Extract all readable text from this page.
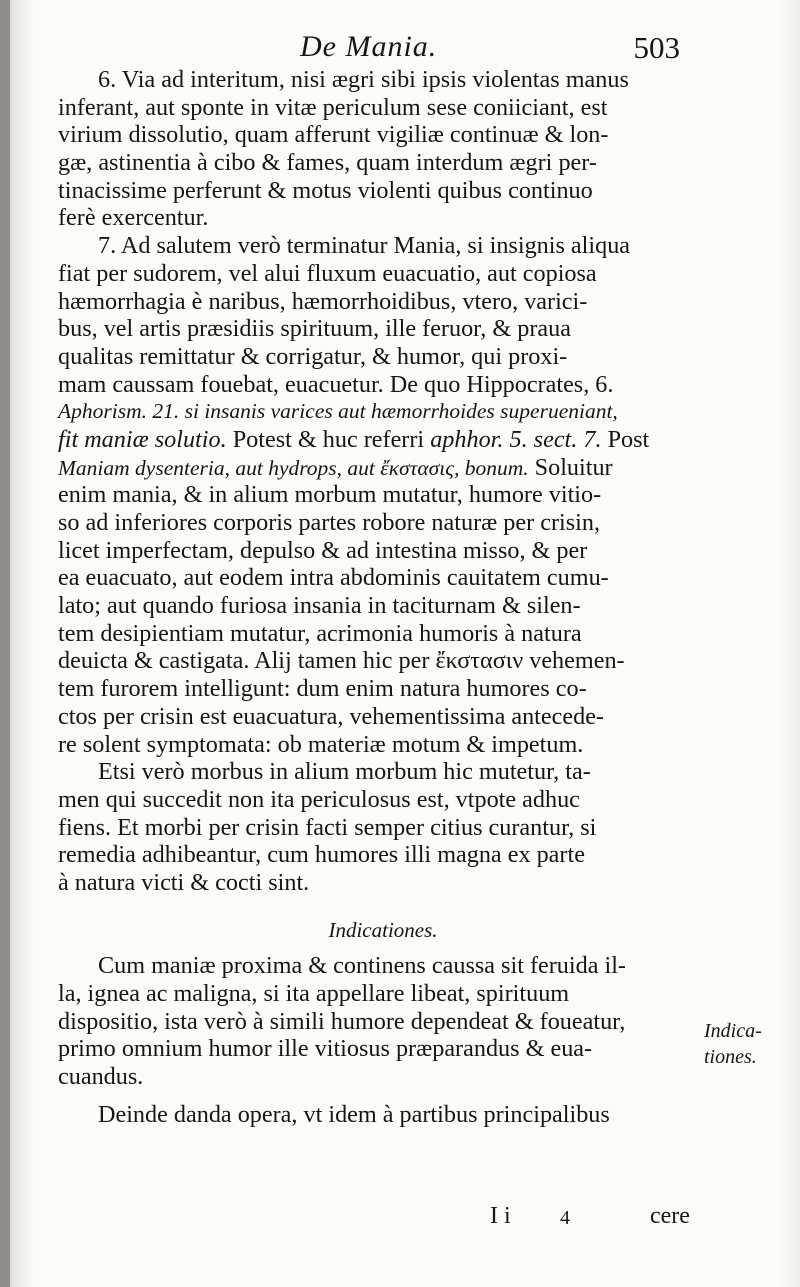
De Mania.	503
6. Via ad interitum, nisi ægri sibi ipsis violentas manus
inferant, aut sponte in vitæ periculum sese coniiciant, est
virium dissolutio, quam afferunt vigiliæ continuæ & lon-
gæ, astinentia à cibo & fames, quam interdum ægri per-
tinacissime perferunt & motus violenti quibus continuo
ferè exercentur.
7. Ad salutem verò terminatur Mania, si insignis aliqua
fiat per sudorem, vel alui fluxum euacuatio, aut copiosa
hæmorrhagia è naribus, hæmorrhoidibus, vtero, varici-
bus, vel artis præsidiis spirituum, ille feruor, & praua
qualitas remittatur & corrigatur, & humor, qui proxi-
mam caussam fouebat, euacuetur. De quo Hippocrates, 6.
Aphorism. 21. si insanis varices aut hæmorrhoides superueniant,
fit maniæ solutio. Potest & huc referri aphhor. 5. sect. 7. Post
Maniam dysenteria, aut hydrops, aut ἔκστασις, bonum. Soluitur
enim mania, & in alium morbum mutatur, humore vitio-
so ad inferiores corporis partes robore naturæ per crisin,
licet imperfectam, depulso & ad intestina misso, & per
ea euacuato, aut eodem intra abdominis cauitatem cumu-
lato; aut quando furiosa insania in taciturnam & silen-
tem desipientiam mutatur, acrimonia humoris à natura
deuicta & castigata. Alij tamen hic per ἔκστασιν vehemen-
tem furorem intelligunt: dum enim natura humores co-
ctos per crisin est euacuatura, vehementissima antecede-
re solent symptomata: ob materiæ motum & impetum.
Etsi verò morbus in alium morbum hic mutetur, ta-
men qui succedit non ita periculosus est, vtpote adhuc
fiens. Et morbi per crisin facti semper citius curantur, si
remedia adhibeantur, cum humores illi magna ex parte
à natura victi & cocti sint.
Indicationes.
Cum maniæ proxima & continens caussa sit feruida il-
la, ignea ac maligna, si ita appellare libeat, spirituum
dispositio, ista verò à simili humore dependeat & foueatur,
primo omnium humor ille vitiosus præparandus & eua-
cuandus.
Deinde danda opera, vt idem à partibus principalibus
Indica-
tiones.
I i 4	cere
